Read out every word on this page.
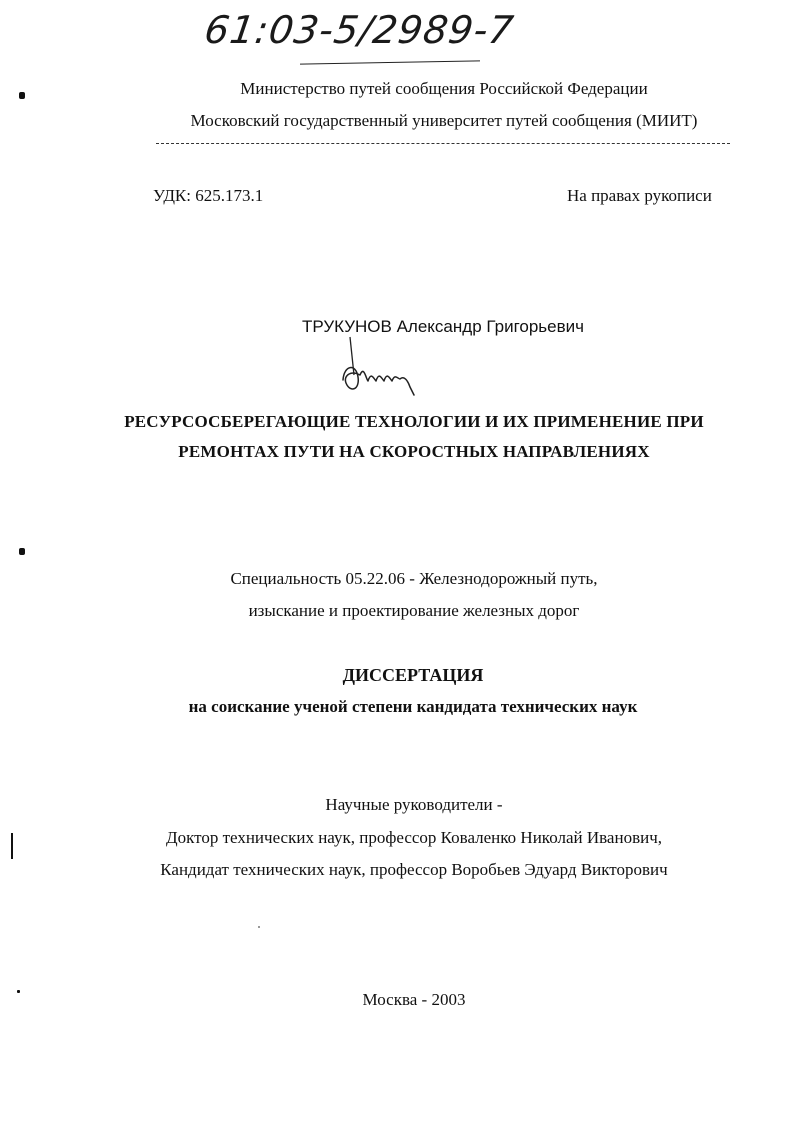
61:03-5/2989-7
Министерство путей сообщения Российской Федерации
Московский государственный университет путей сообщения (МИИТ)
УДК: 625.173.1	На правах рукописи
ТРУКУНОВ Александр Григорьевич
РЕСУРСОСБЕРЕГАЮЩИЕ ТЕХНОЛОГИИ И ИХ ПРИМЕНЕНИЕ ПРИ
РЕМОНТАХ ПУТИ НА СКОРОСТНЫХ НАПРАВЛЕНИЯХ
Специальность 05.22.06 - Железнодорожный путь,
изыскание и проектирование железных дорог
ДИССЕРТАЦИЯ
на соискание ученой степени кандидата технических наук
Научные руководители -
Доктор технических наук, профессор Коваленко Николай Иванович,
Кандидат технических наук, профессор Воробьев Эдуард Викторович
Москва - 2003
